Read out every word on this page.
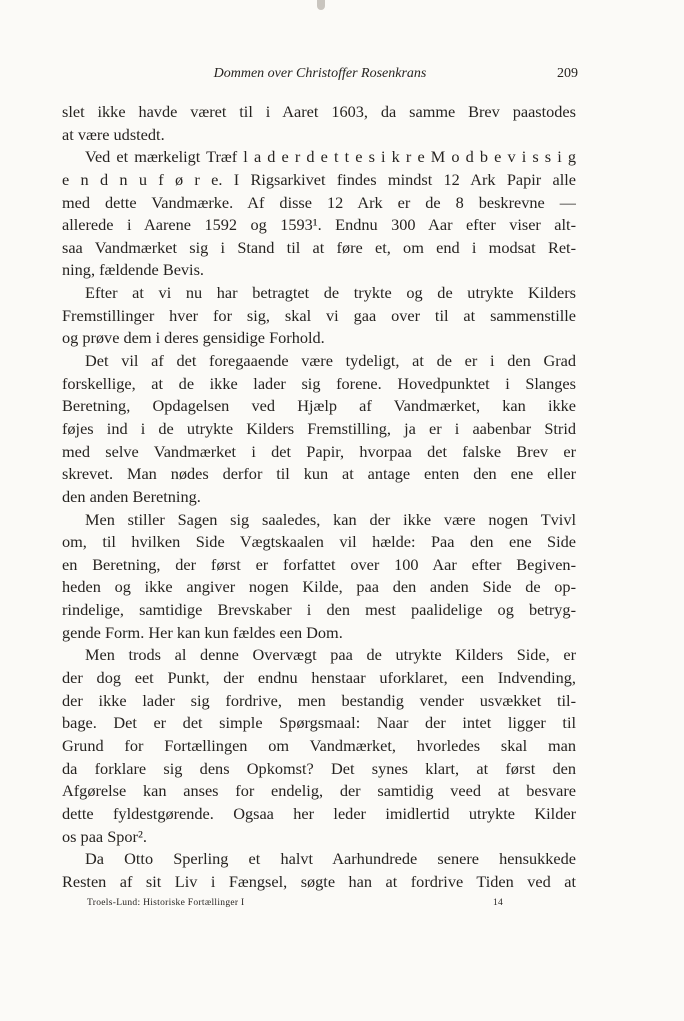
Dommen over Christoffer Rosenkrans	209
slet ikke havde været til i Aaret 1603, da samme Brev paastodes
at være udstedt.
Ved et mærkeligt Træf l a d e r d e t t e s i k r e M o d b e v i s s i g
e n d n u f ø r e. I Rigsarkivet findes mindst 12 Ark Papir alle
med dette Vandmærke. Af disse 12 Ark er de 8 beskrevne —
allerede i Aarene 1592 og 1593¹. Endnu 300 Aar efter viser alt-
saa Vandmærket sig i Stand til at føre et, om end i modsat Ret-
ning, fældende Bevis.
Efter at vi nu har betragtet de trykte og de utrykte Kilders
Fremstillinger hver for sig, skal vi gaa over til at sammenstille
og prøve dem i deres gensidige Forhold.
Det vil af det foregaaende være tydeligt, at de er i den Grad
forskellige, at de ikke lader sig forene. Hovedpunktet i Slanges
Beretning, Opdagelsen ved Hjælp af Vandmærket, kan ikke
føjes ind i de utrykte Kilders Fremstilling, ja er i aabenbar Strid
med selve Vandmærket i det Papir, hvorpaa det falske Brev er
skrevet. Man nødes derfor til kun at antage enten den ene eller
den anden Beretning.
Men stiller Sagen sig saaledes, kan der ikke være nogen Tvivl
om, til hvilken Side Vægtskaalen vil hælde: Paa den ene Side
en Beretning, der først er forfattet over 100 Aar efter Begiven-
heden og ikke angiver nogen Kilde, paa den anden Side de op-
rindelige, samtidige Brevskaber i den mest paalidelige og betryg-
gende Form. Her kan kun fældes een Dom.
Men trods al denne Overvægt paa de utrykte Kilders Side, er
der dog eet Punkt, der endnu henstaar uforklaret, een Indvending,
der ikke lader sig fordrive, men bestandig vender usvækket til-
bage. Det er det simple Spørgsmaal: Naar der intet ligger til
Grund for Fortællingen om Vandmærket, hvorledes skal man
da forklare sig dens Opkomst? Det synes klart, at først den
Afgørelse kan anses for endelig, der samtidig veed at besvare
dette fyldestgørende. Ogsaa her leder imidlertid utrykte Kilder
os paa Spor².
Da Otto Sperling et halvt Aarhundrede senere hensukkede
Resten af sit Liv i Fængsel, søgte han at fordrive Tiden ved at
Troels-Lund: Historiske Fortællinger I	14
